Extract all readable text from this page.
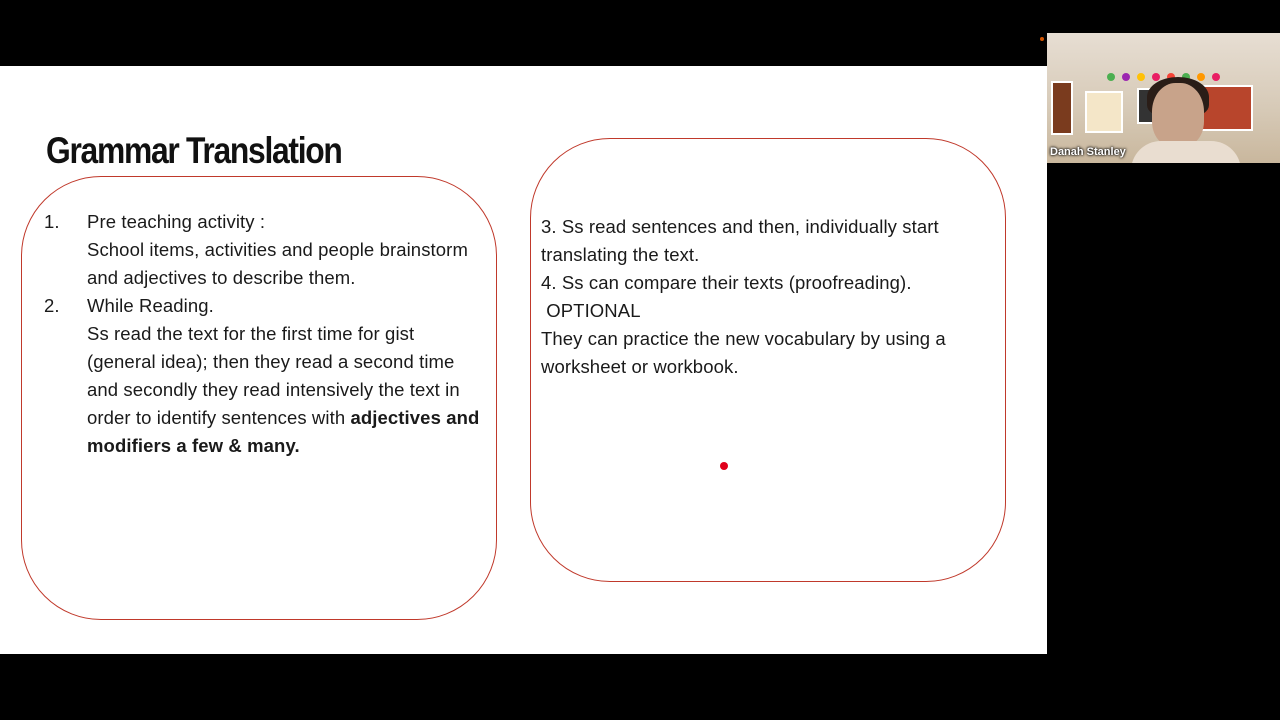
Grammar Translation
1. Pre teaching activity :
School items, activities and people brainstorm and adjectives to describe them.
2. While Reading.
Ss read the text for the first time for gist (general idea); then they read a second time and secondly they read intensively the text in order to identify sentences with adjectives and modifiers a few & many.
3. Ss read sentences and then, individually start
translating the text.
4. Ss can compare their texts (proofreading).
OPTIONAL
They can practice the new vocabulary by using a
worksheet or workbook.
Danah Stanley
